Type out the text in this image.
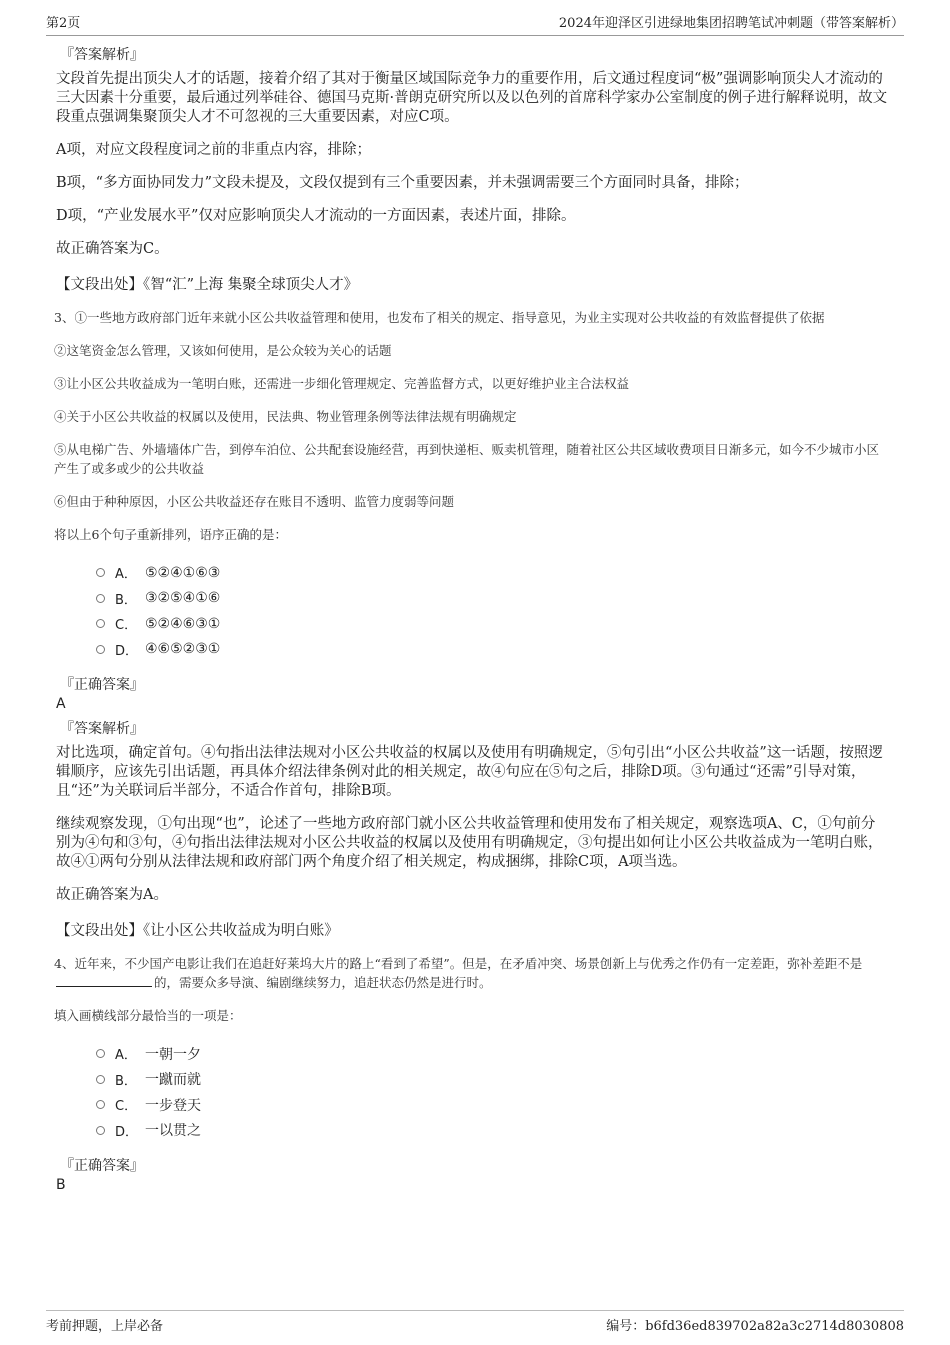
第2页	2024年迎泽区引进绿地集团招聘笔试冲刺题（带答案解析）
『答案解析』

文段首先提出顶尖人才的话题，接着介绍了其对于衡量区域国际竞争力的重要作用，后文通过程度词“极”强调影响顶尖人才流动的三大因素十分重要，最后通过列举硅谷、德国马克斯·普朗克研究所以及以色列的首席科学家办公室制度的例子进行解释说明，故文段重点强调集聚顶尖人才不可忽视的三大重要因素，对应C项。

A项，对应文段程度词之前的非重点内容，排除；

B项，“多方面协同发力”文段未提及，文段仅提到有三个重要因素，并未强调需要三个方面同时具备，排除；

D项，“产业发展水平”仅对应影响顶尖人才流动的一方面因素，表述片面，排除。

故正确答案为C。

【文段出处】《智“汇”上海 集聚全球顶尖人才》

3、①一些地方政府部门近年来就小区公共收益管理和使用，也发布了相关的规定、指导意见，为业主实现对公共收益的有效监督提供了依据

②这笔资金怎么管理，又该如何使用，是公众较为关心的话题

③让小区公共收益成为一笔明白账，还需进一步细化管理规定、完善监督方式，以更好维护业主合法权益

④关于小区公共收益的权属以及使用，民法典、物业管理条例等法律法规有明确规定

⑤从电梯广告、外墙墙体广告，到停车泊位、公共配套设施经营，再到快递柜、贩卖机管理，随着社区公共区域收费项目日渐多元，如今不少城市小区产生了或多或少的公共收益

⑥但由于种种原因，小区公共收益还存在账目不透明、监管力度弱等问题

将以上6个句子重新排列，语序正确的是：

A． ⑤②④①⑥③
B． ③②⑤④①⑥
C． ⑤②④⑥③①
D． ④⑥⑤②③①
『正确答案』
A
『答案解析』

对比选项，确定首句。④句指出法律法规对小区公共收益的权属以及使用有明确规定，⑤句引出“小区公共收益”这一话题，按照逻辑顺序，应该先引出话题，再具体介绍法律条例对此的相关规定，故④句应在⑤句之后，排除D项。③句通过“还需”引导对策，且“还”为关联词后半部分，不适合作首句，排除B项。

继续观察发现，①句出现“也”，论述了一些地方政府部门就小区公共收益管理和使用发布了相关规定，观察选项A、C，①句前分别为④句和③句，④句指出法律法规对小区公共收益的权属以及使用有明确规定，③句提出如何让小区公共收益成为一笔明白账，故④①两句分别从法律法规和政府部门两个角度介绍了相关规定，构成捆绑，排除C项，A项当选。

故正确答案为A。

【文段出处】《让小区公共收益成为明白账》

4、近年来，不少国产电影让我们在追赶好莱坞大片的路上“看到了希望”。但是，在矛盾冲突、场景创新上与优秀之作仍有一定差距，弥补差距不是的，需要众多导演、编剧继续努力，追赶状态仍然是进行时。

填入画横线部分最恰当的一项是：

A． 一朝一夕
B． 一蹴而就
C． 一步登天
D． 一以贯之
『正确答案』
B
考前押题，上岸必备	编号：b6fd36ed839702a82a3c2714d8030808
